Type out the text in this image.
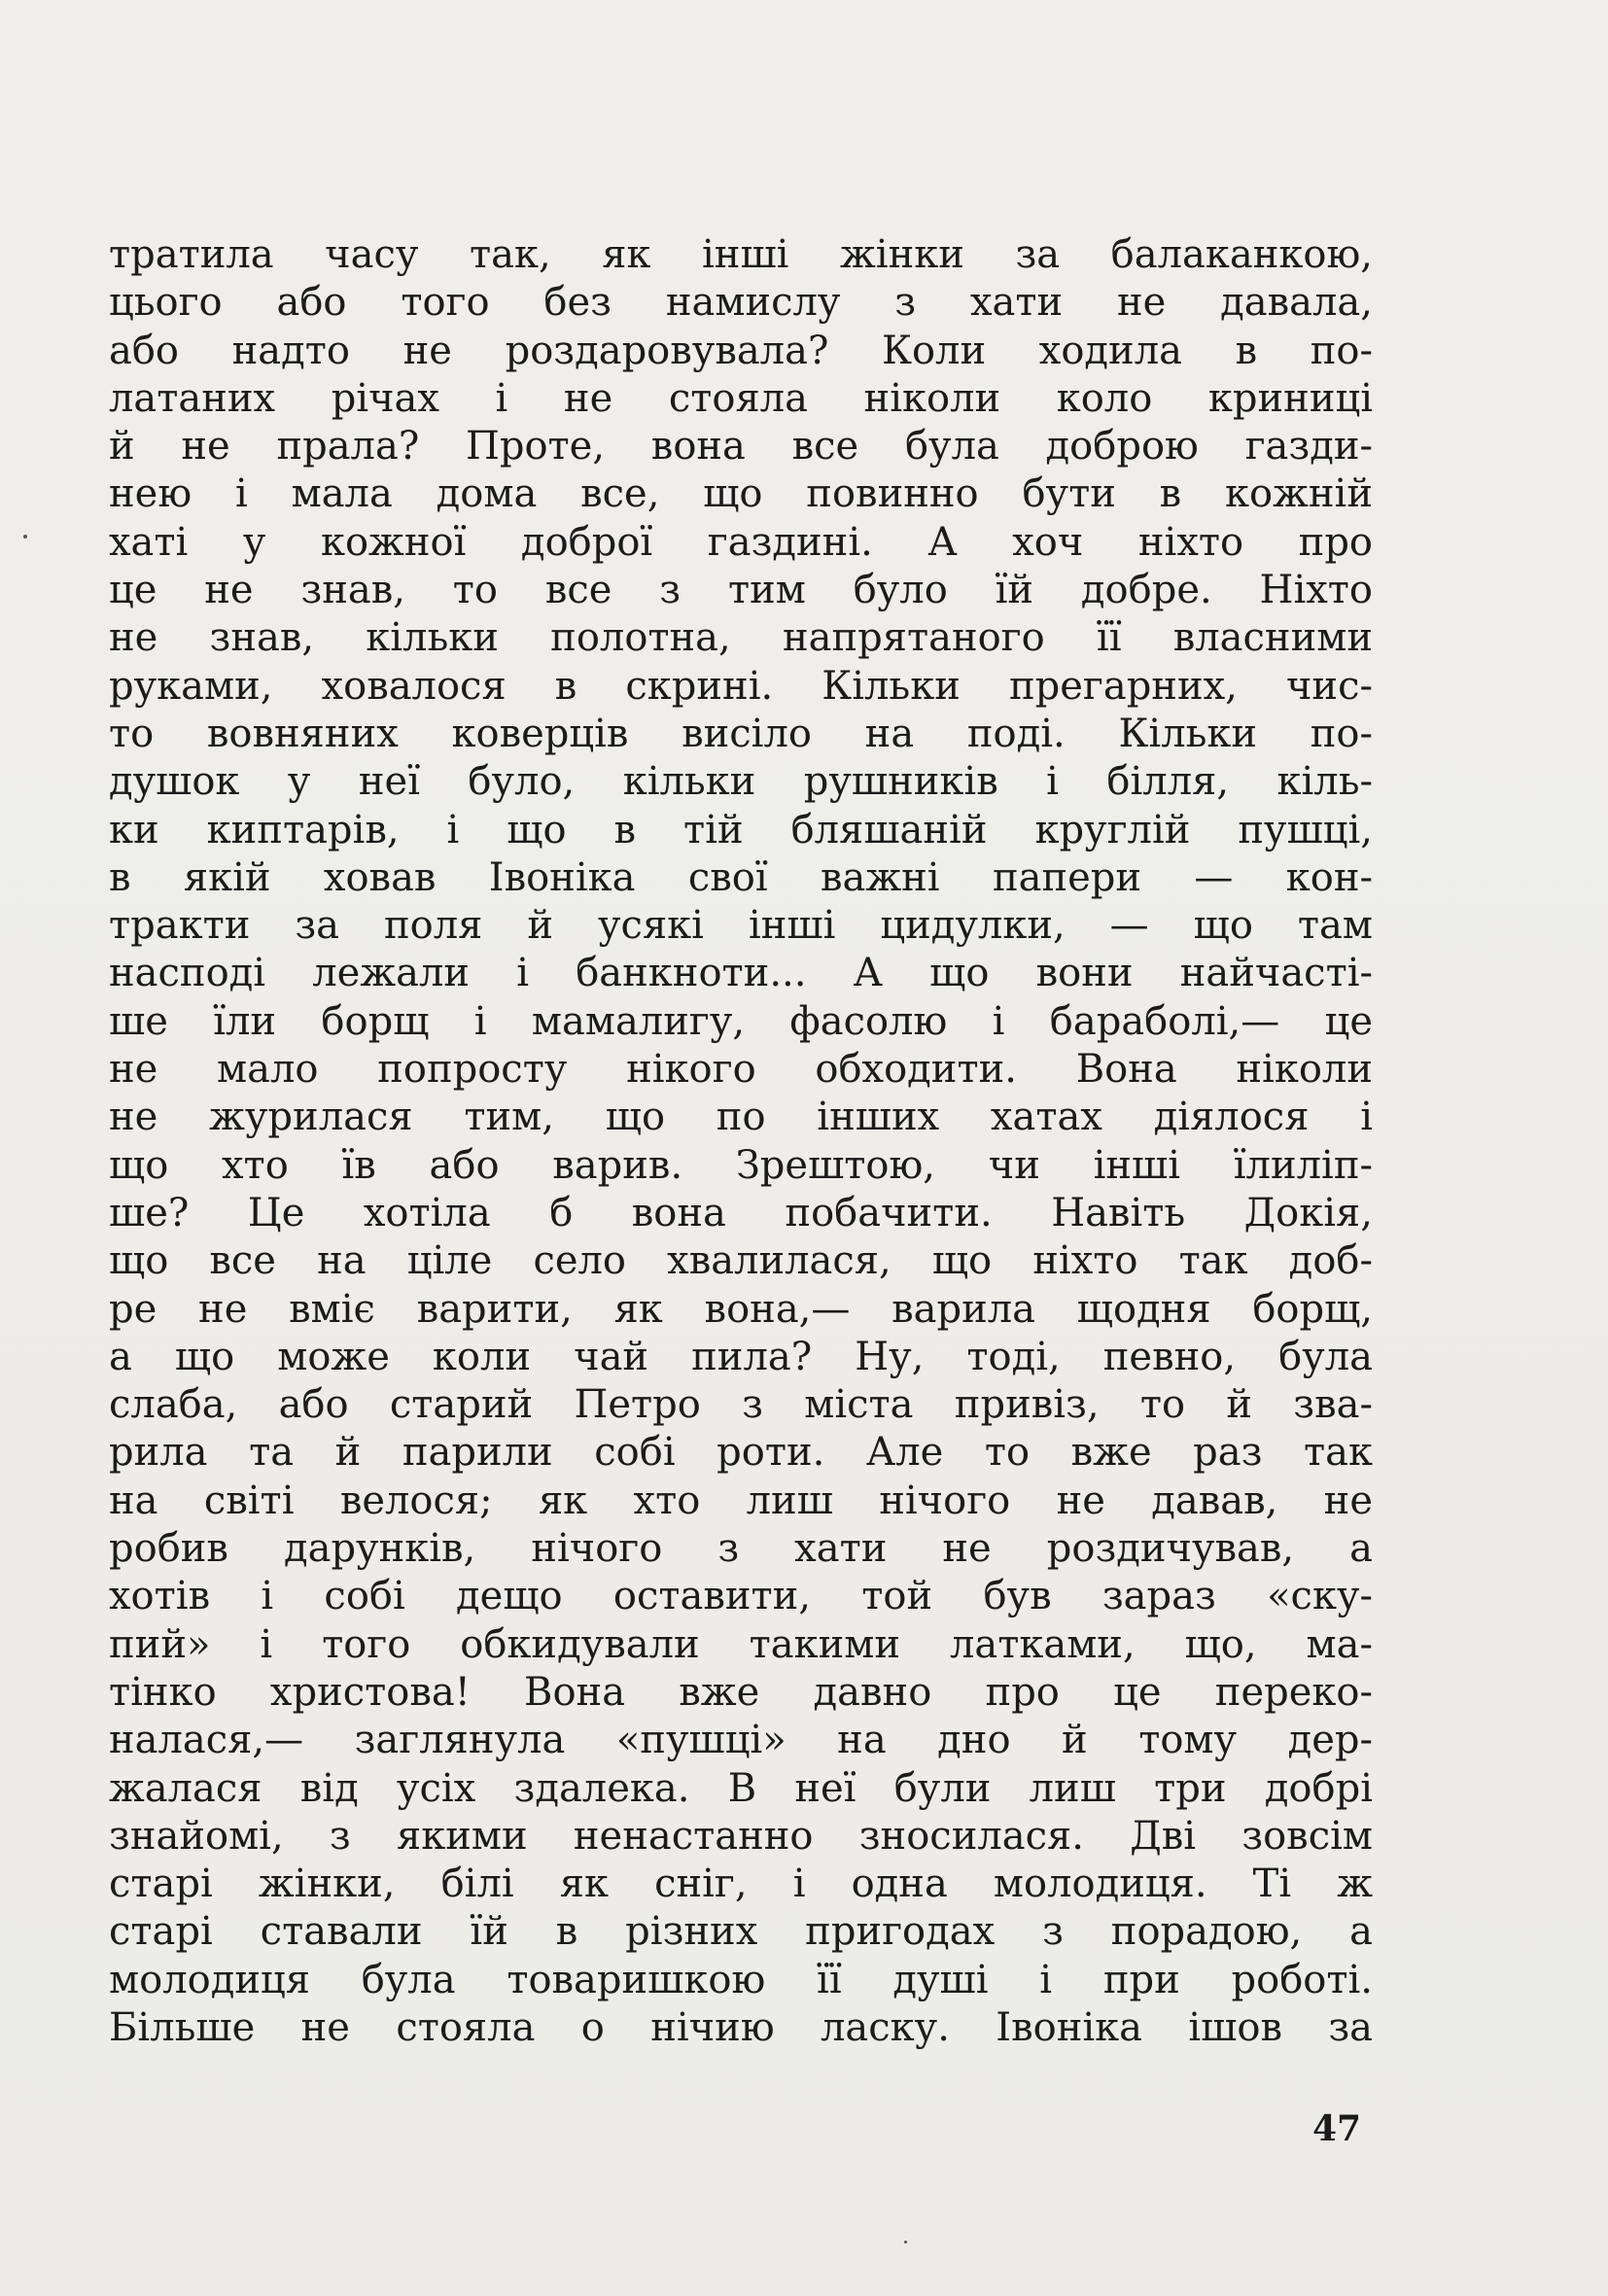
тратила часу так, як інші жінки за балаканкою,
цього або того без намислу з хати не давала,
або надто не роздаровувала? Коли ходила в по-
латаних річах і не стояла ніколи коло криниці
й не прала? Проте, вона все була доброю газди-
нею і мала дома все, що повинно бути в кожній
хаті у кожної доброї газдині. А хоч ніхто про
це не знав, то все з тим було їй добре. Ніхто
не знав, кільки полотна, напрятаного її власними
руками, ховалося в скрині. Кільки прегарних, чис-
то вовняних коверців висіло на поді. Кільки по-
душок у неї було, кільки рушників і білля, кіль-
ки киптарів, і що в тій бляшаній круглій пушці,
в якій ховав Івоніка свої важні папери — кон-
тракти за поля й усякі інші цидулки, — що там
насподі лежали і банкноти... А що вони найчасті-
ше їли борщ і мамалигу, фасолю і бараболі,— це
не мало попросту нікого обходити. Вона ніколи
не журилася тим, що по інших хатах діялося і
що хто їв або варив. Зрештою, чи інші їлиліп-
ше? Це хотіла б вона побачити. Навіть Докія,
що все на ціле село хвалилася, що ніхто так доб-
ре не вміє варити, як вона,— варила щодня борщ,
а що може коли чай пила? Ну, тоді, певно, була
слаба, або старий Петро з міста привіз, то й зва-
рила та й парили собі роти. Але то вже раз так
на світі велося; як хто лиш нічого не давав, не
робив дарунків, нічого з хати не роздичував, а
хотів і собі дещо оставити, той був зараз «ску-
пий» і того обкидували такими латками, що, ма-
тінко христова! Вона вже давно про це переко-
налася,— заглянула «пушці» на дно й тому дер-
жалася від усіх здалека. В неї були лиш три добрі
знайомі, з якими ненастанно зносилася. Дві зовсім
старі жінки, білі як сніг, і одна молодиця. Ті ж
старі ставали їй в різних пригодах з порадою, а
молодиця була товаришкою її душі і при роботі.
Більше не стояла о нічию ласку. Івоніка ішов за
47
